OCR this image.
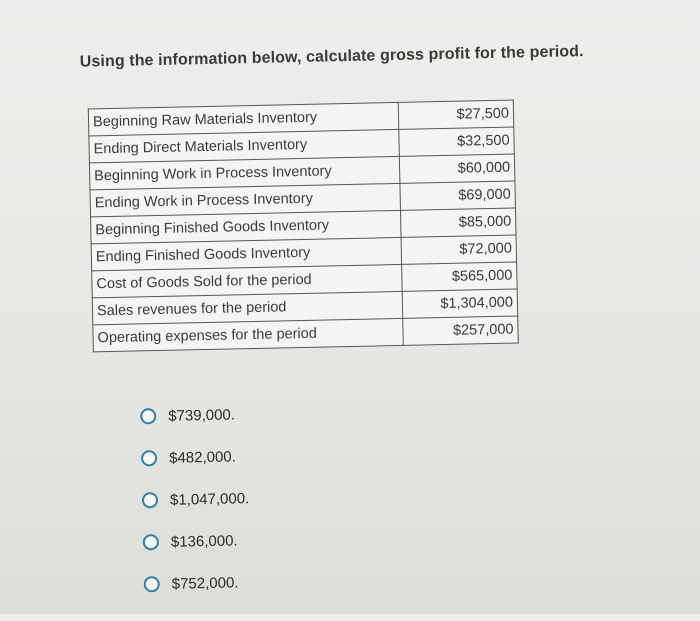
Using the information below, calculate gross profit for the period.
Beginning Raw Materials Inventory	$27,500
Ending Direct Materials Inventory	$32,500
Beginning Work in Process Inventory	$60,000
Ending Work in Process Inventory	$69,000
Beginning Finished Goods Inventory	$85,000
Ending Finished Goods Inventory	$72,000
Cost of Goods Sold for the period	$565,000
Sales revenues for the period	$1,304,000
Operating expenses for the period	$257,000
$739,000.
$482,000.
$1,047,000.
$136,000.
$752,000.
